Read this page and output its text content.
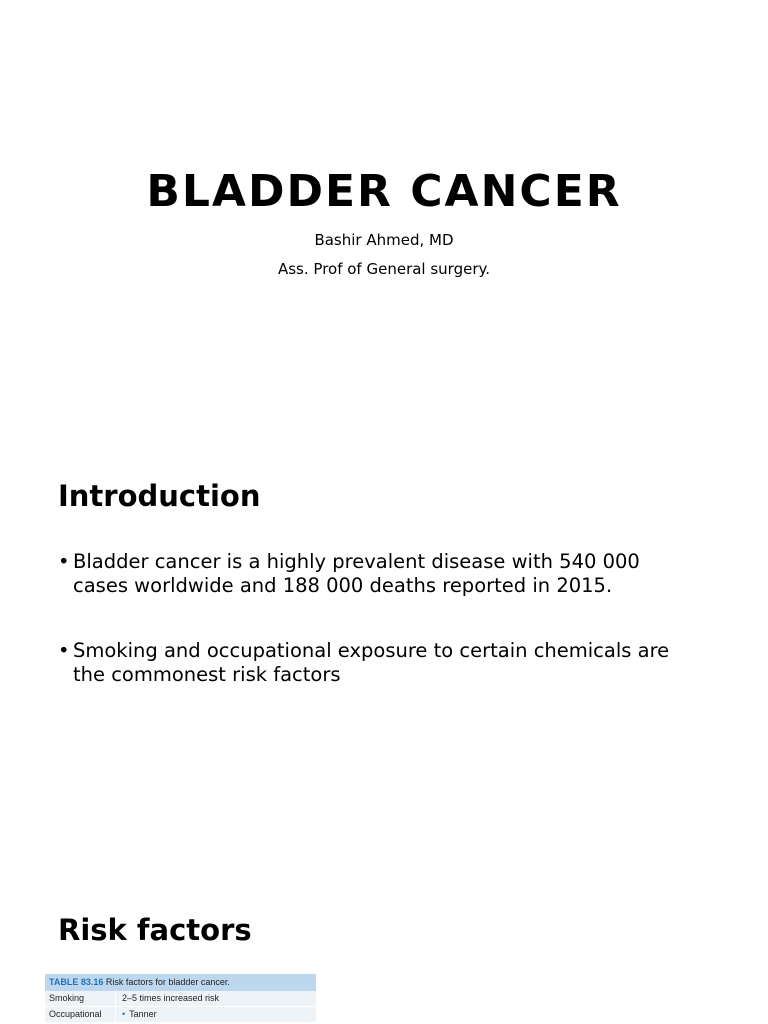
BLADDER CANCER
Bashir Ahmed, MD
Ass. Prof of General surgery.
Introduction
• Bladder cancer is a highly prevalent disease with 540 000 cases worldwide and 188 000 deaths reported in 2015.
• Smoking and occupational exposure to certain chemicals are the commonest risk factors
Risk factors
TABLE 83.16 Risk factors for bladder cancer.
Smoking	2–5 times increased risk
Occupational	• Tanner
